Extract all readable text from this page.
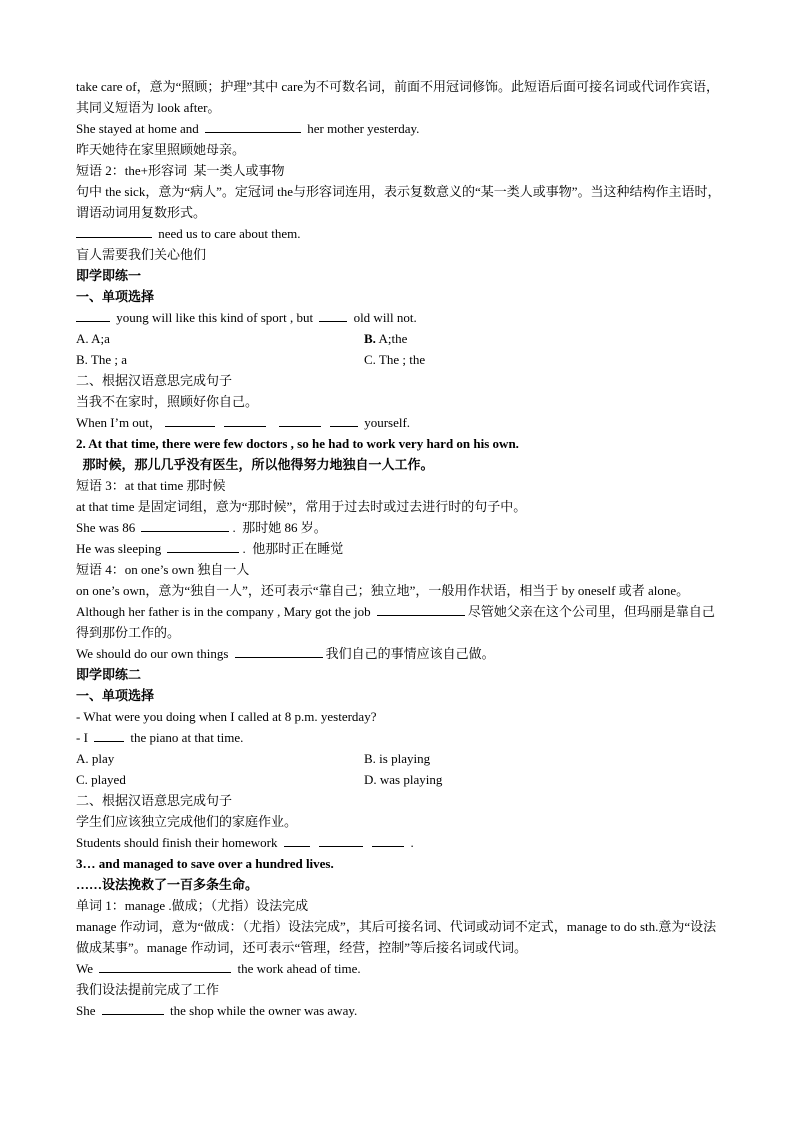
take care of，意为“照顾；护理”其中 care为不可数名词，前面不用冠词修饰。此短语后面可接名词或代词作宾语，其同义短语为 look after。
She stayed at home and	her mother yesterday.
昨天她待在家里照顾她母亲。
短语 2：the+形容词  某一类人或事物
句中 the sick，意为“病人”。定冠词 the与形容词连用，表示复数意义的“某一类人或事物”。当这种结构作主语时，谓语动词用复数形式。
need us to care about them.
盲人需要我们关心他们
即学即练一
一、单项选择
young will like this kind of sport , but	old will not.
A. A;a	B. A;the
B. The ; a	C. The ; the
二、根据汉语意思完成句子
当我不在家时，照顾好你自己。
When I’m out，	yourself.
2. At that time, there were few doctors , so he had to work very hard on his own.
那时候，那儿几乎没有医生，所以他得努力地独自一人工作。
短语 3：at that time 那时候
at that time 是固定词组，意为“那时候”，常用于过去时或过去进行时的句子中。
She was 86	.  那时她 86 岁。
He was sleeping	.  他那时正在睡觉
短语 4：on one’s own 独自一人
on one’s own，意为“独自一人”，还可表示“靠自己；独立地”，一般用作状语，相当于 by oneself 或者 alone。
Although her father is in the company , Mary got the job	尽管她父亲在这个公司里，但玛丽是靠自己得到那份工作的。
We should do our own things	我们自己的事情应该自己做。
即学即练二
一、单项选择
- What were you doing when I called at 8 p.m. yesterday?
- I	the piano at that time.
A. play	B. is playing
C. played	D. was playing
二、根据汉语意思完成句子
学生们应该独立完成他们的家庭作业。
Students should finish their homework	.
3… and managed to save over a hundred lives.
……设法挽救了一百多条生命。
单词 1：manage .做成；（尤指）设法完成
manage 作动词，意为“做成：（尤指）设法完成”，其后可接名词、代词或动词不定式，manage to do sth.意为“设法做成某事”。manage 作动词，还可表示“管理，经营，控制”等后接名词或代词。
We	the work ahead of time.
我们设法提前完成了工作
She	the shop while the owner was away.
